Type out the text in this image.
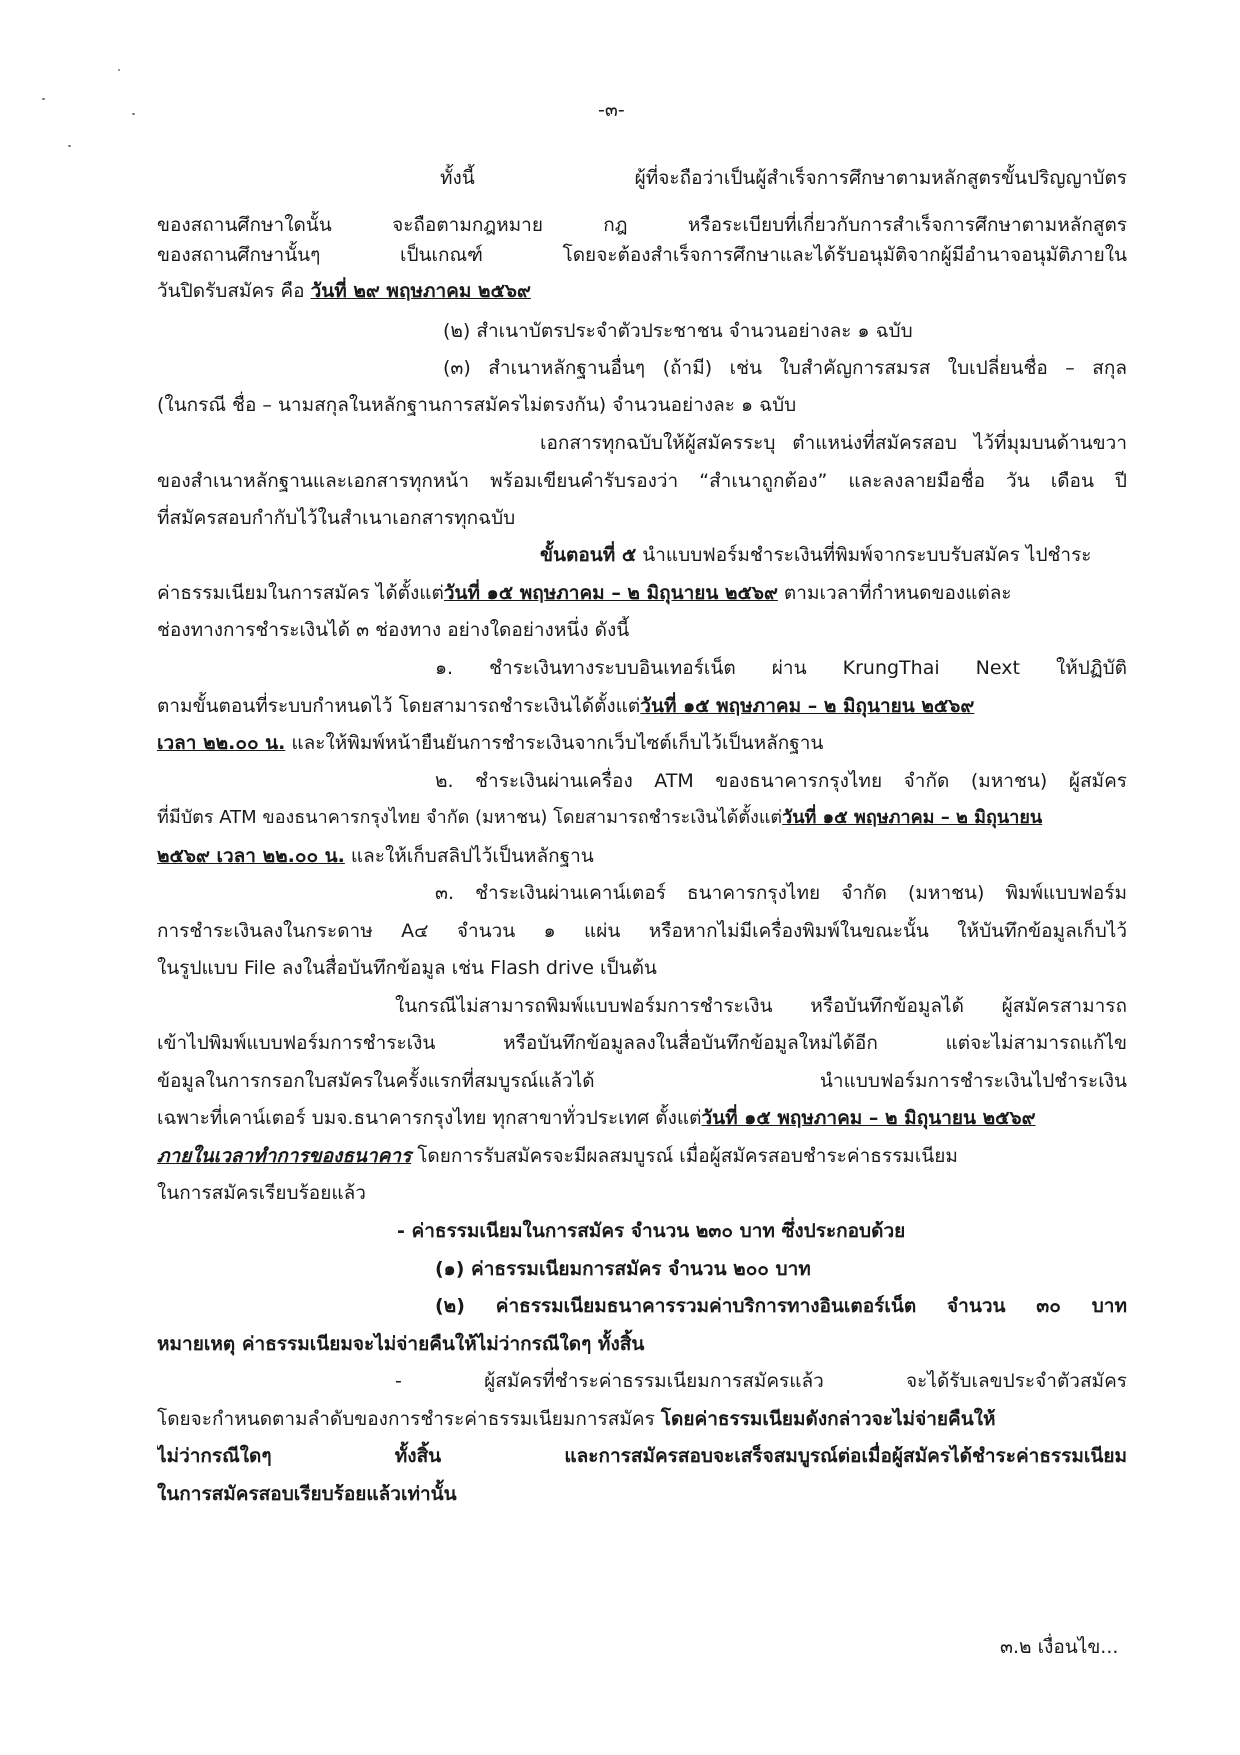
-๓-
ทั้งนี้ ผู้ที่จะถือว่าเป็นผู้สำเร็จการศึกษาตามหลักสูตรขั้นปริญญาบัตร
ของสถานศึกษาใดนั้น จะถือตามกฎหมาย กฎ หรือระเบียบที่เกี่ยวกับการสำเร็จการศึกษาตามหลักสูตร
ของสถานศึกษานั้นๆ เป็นเกณฑ์ โดยจะต้องสำเร็จการศึกษาและได้รับอนุมัติจากผู้มีอำนาจอนุมัติภายใน
วันปิดรับสมัคร คือ วันที่ ๒๙ พฤษภาคม ๒๕๖๙
(๒) สำเนาบัตรประจำตัวประชาชน จำนวนอย่างละ ๑ ฉบับ
(๓) สำเนาหลักฐานอื่นๆ (ถ้ามี) เช่น ใบสำคัญการสมรส ใบเปลี่ยนชื่อ – สกุล
(ในกรณี ชื่อ – นามสกุลในหลักฐานการสมัครไม่ตรงกัน) จำนวนอย่างละ ๑ ฉบับ
เอกสารทุกฉบับให้ผู้สมัครระบุ ตำแหน่งที่สมัครสอบ ไว้ที่มุมบนด้านขวา
ของสำเนาหลักฐานและเอกสารทุกหน้า พร้อมเขียนคำรับรองว่า “สำเนาถูกต้อง” และลงลายมือชื่อ วัน เดือน ปี
ที่สมัครสอบกำกับไว้ในสำเนาเอกสารทุกฉบับ
ขั้นตอนที่ ๕ นำแบบฟอร์มชำระเงินที่พิมพ์จากระบบรับสมัคร ไปชำระ
ค่าธรรมเนียมในการสมัคร ได้ตั้งแต่วันที่ ๑๕ พฤษภาคม – ๒ มิถุนายน ๒๕๖๙ ตามเวลาที่กำหนดของแต่ละ
ช่องทางการชำระเงินได้ ๓ ช่องทาง อย่างใดอย่างหนึ่ง ดังนี้
๑. ชำระเงินทางระบบอินเทอร์เน็ต ผ่าน KrungThai Next ให้ปฏิบัติ
ตามขั้นตอนที่ระบบกำหนดไว้ โดยสามารถชำระเงินได้ตั้งแต่วันที่ ๑๕ พฤษภาคม – ๒ มิถุนายน ๒๕๖๙
เวลา ๒๒.๐๐ น. และให้พิมพ์หน้ายืนยันการชำระเงินจากเว็บไซต์เก็บไว้เป็นหลักฐาน
๒. ชำระเงินผ่านเครื่อง ATM ของธนาคารกรุงไทย จำกัด (มหาชน) ผู้สมัคร
ที่มีบัตร ATM ของธนาคารกรุงไทย จำกัด (มหาชน) โดยสามารถชำระเงินได้ตั้งแต่วันที่ ๑๕ พฤษภาคม – ๒ มิถุนายน
๒๕๖๙ เวลา ๒๒.๐๐ น. และให้เก็บสลิปไว้เป็นหลักฐาน
๓. ชำระเงินผ่านเคาน์เตอร์ ธนาคารกรุงไทย จำกัด (มหาชน) พิมพ์แบบฟอร์ม
การชำระเงินลงในกระดาษ A๔ จำนวน ๑ แผ่น หรือหากไม่มีเครื่องพิมพ์ในขณะนั้น ให้บันทึกข้อมูลเก็บไว้
ในรูปแบบ File ลงในสื่อบันทึกข้อมูล เช่น Flash drive เป็นต้น
ในกรณีไม่สามารถพิมพ์แบบฟอร์มการชำระเงิน หรือบันทึกข้อมูลได้ ผู้สมัครสามารถ
เข้าไปพิมพ์แบบฟอร์มการชำระเงิน หรือบันทึกข้อมูลลงในสื่อบันทึกข้อมูลใหม่ได้อีก แต่จะไม่สามารถแก้ไข
ข้อมูลในการกรอกใบสมัครในครั้งแรกที่สมบูรณ์แล้วได้ นำแบบฟอร์มการชำระเงินไปชำระเงิน
เฉพาะที่เคาน์เตอร์ บมจ.ธนาคารกรุงไทย ทุกสาขาทั่วประเทศ ตั้งแต่วันที่ ๑๕ พฤษภาคม – ๒ มิถุนายน ๒๕๖๙
ภายในเวลาทำการของธนาคาร โดยการรับสมัครจะมีผลสมบูรณ์ เมื่อผู้สมัครสอบชำระค่าธรรมเนียม
ในการสมัครเรียบร้อยแล้ว
- ค่าธรรมเนียมในการสมัคร จำนวน ๒๓๐ บาท ซึ่งประกอบด้วย
(๑) ค่าธรรมเนียมการสมัคร จำนวน ๒๐๐ บาท
(๒) ค่าธรรมเนียมธนาคารรวมค่าบริการทางอินเตอร์เน็ต จำนวน ๓๐ บาท
หมายเหตุ ค่าธรรมเนียมจะไม่จ่ายคืนให้ไม่ว่ากรณีใดๆ ทั้งสิ้น
- ผู้สมัครที่ชำระค่าธรรมเนียมการสมัครแล้ว จะได้รับเลขประจำตัวสมัคร
โดยจะกำหนดตามลำดับของการชำระค่าธรรมเนียมการสมัคร โดยค่าธรรมเนียมดังกล่าวจะไม่จ่ายคืนให้
ไม่ว่ากรณีใดๆ ทั้งสิ้น และการสมัครสอบจะเสร็จสมบูรณ์ต่อเมื่อผู้สมัครได้ชำระค่าธรรมเนียม
ในการสมัครสอบเรียบร้อยแล้วเท่านั้น
๓.๒ เงื่อนไข...
